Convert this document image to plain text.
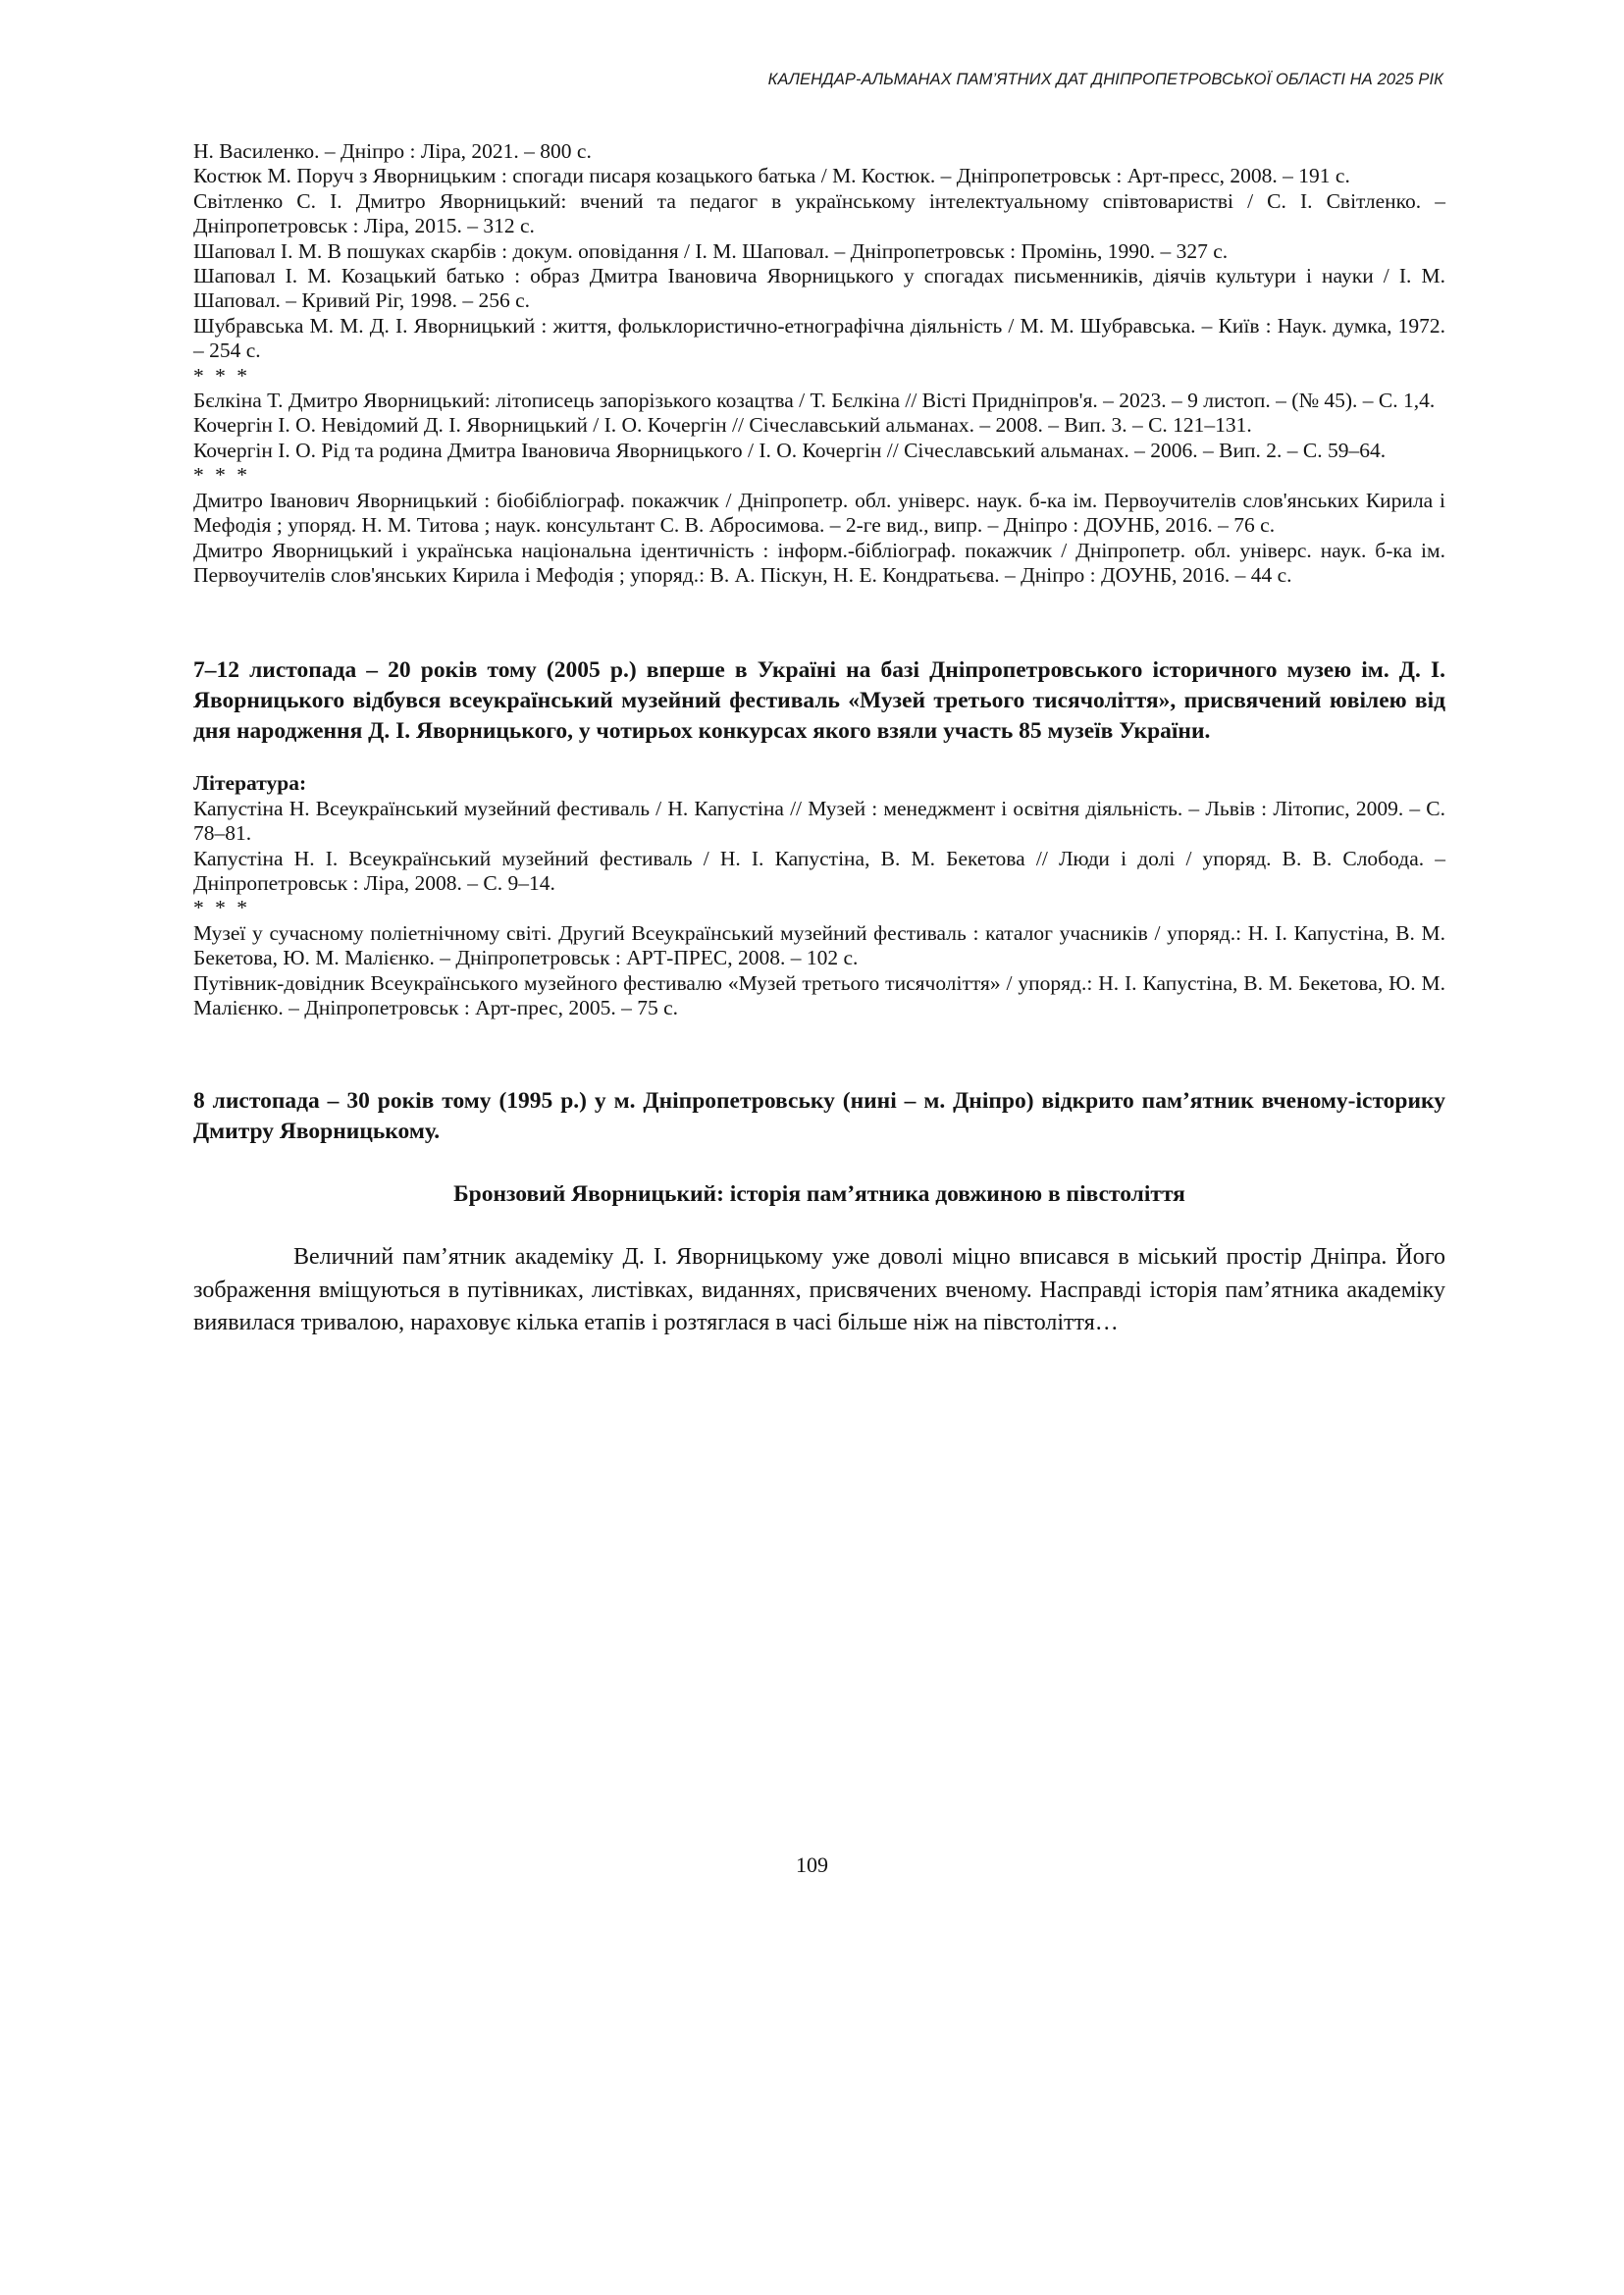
КАЛЕНДАР-АЛЬМАНАХ ПАМ’ЯТНИХ ДАТ ДНІПРОПЕТРОВСЬКОЇ ОБЛАСТІ НА 2025 РІК
Н. Василенко. – Дніпро : Ліра, 2021. – 800 с.
Костюк М. Поруч з Яворницьким : спогади писаря козацького батька / М. Костюк. – Дніпропетровськ : Арт-пресс, 2008. – 191 с.
Світленко С. І. Дмитро Яворницький: вчений та педагог в українському інтелектуальному співтоваристві / С. І. Світленко. – Дніпропетровськ : Ліра, 2015. – 312 с.
Шаповал І. М. В пошуках скарбів : докум. оповідання / І. М. Шаповал. – Дніпропетровськ : Промінь, 1990. – 327 с.
Шаповал І. М. Козацький батько : образ Дмитра Івановича Яворницького у спогадах письменників, діячів культури і науки / І. М. Шаповал. – Кривий Ріг, 1998. – 256 с.
Шубравська М. М. Д. І. Яворницький : життя, фольклористично-етнографічна діяльність / М. М. Шубравська. – Київ : Наук. думка, 1972. – 254 с.
* * *
Бєлкіна Т. Дмитро Яворницький: літописець запорізького козацтва / Т. Бєлкіна // Вісті Придніпров'я. – 2023. – 9 листоп. – (№ 45). – С. 1,4.
Кочергін І. О. Невідомий Д. І. Яворницький / І. О. Кочергін // Січеславський альманах. – 2008. – Вип. 3. – С. 121–131.
Кочергін І. О. Рід та родина Дмитра Івановича Яворницького / І. О. Кочергін // Січеславський альманах. – 2006. – Вип. 2. – С. 59–64.
* * *
Дмитро Іванович Яворницький : біобібліограф. покажчик / Дніпропетр. обл. універс. наук. б-ка ім. Первоучителів слов'янських Кирила і Мефодія ; упоряд. Н. М. Титова ; наук. консультант С. В. Абросимова. – 2-ге вид., випр. – Дніпро : ДОУНБ, 2016. – 76 с.
Дмитро Яворницький і українська національна ідентичність : інформ.-бібліограф. покажчик / Дніпропетр. обл. універс. наук. б-ка ім. Первоучителів слов'янських Кирила і Мефодія ; упоряд.: В. А. Піскун, Н. Е. Кондратьєва. – Дніпро : ДОУНБ, 2016. – 44 с.
7–12 листопада – 20 років тому (2005 р.) вперше в Україні на базі Дніпропетровського історичного музею ім. Д. І. Яворницького відбувся всеукраїнський музейний фестиваль «Музей третього тисячоліття», присвячений ювілею від дня народження Д. І. Яворницького, у чотирьох конкурсах якого взяли участь 85 музеїв України.
Література:
Капустіна Н. Всеукраїнський музейний фестиваль / Н. Капустіна // Музей : менеджмент і освітня діяльність. – Львів : Літопис, 2009. – С. 78–81.
Капустіна Н. І. Всеукраїнський музейний фестиваль / Н. І. Капустіна, В. М. Бекетова // Люди і долі / упоряд. В. В. Слобода. – Дніпропетровськ : Ліра, 2008. – С. 9–14.
* * *
Музеї у сучасному поліетнічному світі. Другий Всеукраїнський музейний фестиваль : каталог учасників / упоряд.: Н. І. Капустіна, В. М. Бекетова, Ю. М. Малієнко. – Дніпропетровськ : АРТ-ПРЕС, 2008. – 102 с.
Путівник-довідник Всеукраїнського музейного фестивалю «Музей третього тисячоліття» / упоряд.: Н. І. Капустіна, В. М. Бекетова, Ю. М. Малієнко. – Дніпропетровськ : Арт-прес, 2005. – 75 с.
8 листопада – 30 років тому (1995 р.) у м. Дніпропетровську (нині – м. Дніпро) відкрито пам’ятник вченому-історику Дмитру Яворницькому.
Бронзовий Яворницький: історія пам’ятника довжиною в півстоліття
Величний пам’ятник академіку Д. І. Яворницькому уже доволі міцно вписався в міський простір Дніпра. Його зображення вміщуються в путівниках, листівках, виданнях, присвячених вченому. Насправді історія пам’ятника академіку виявилася тривалою, нараховує кілька етапів і розтяглася в часі більше ніж на півстоліття…
109
